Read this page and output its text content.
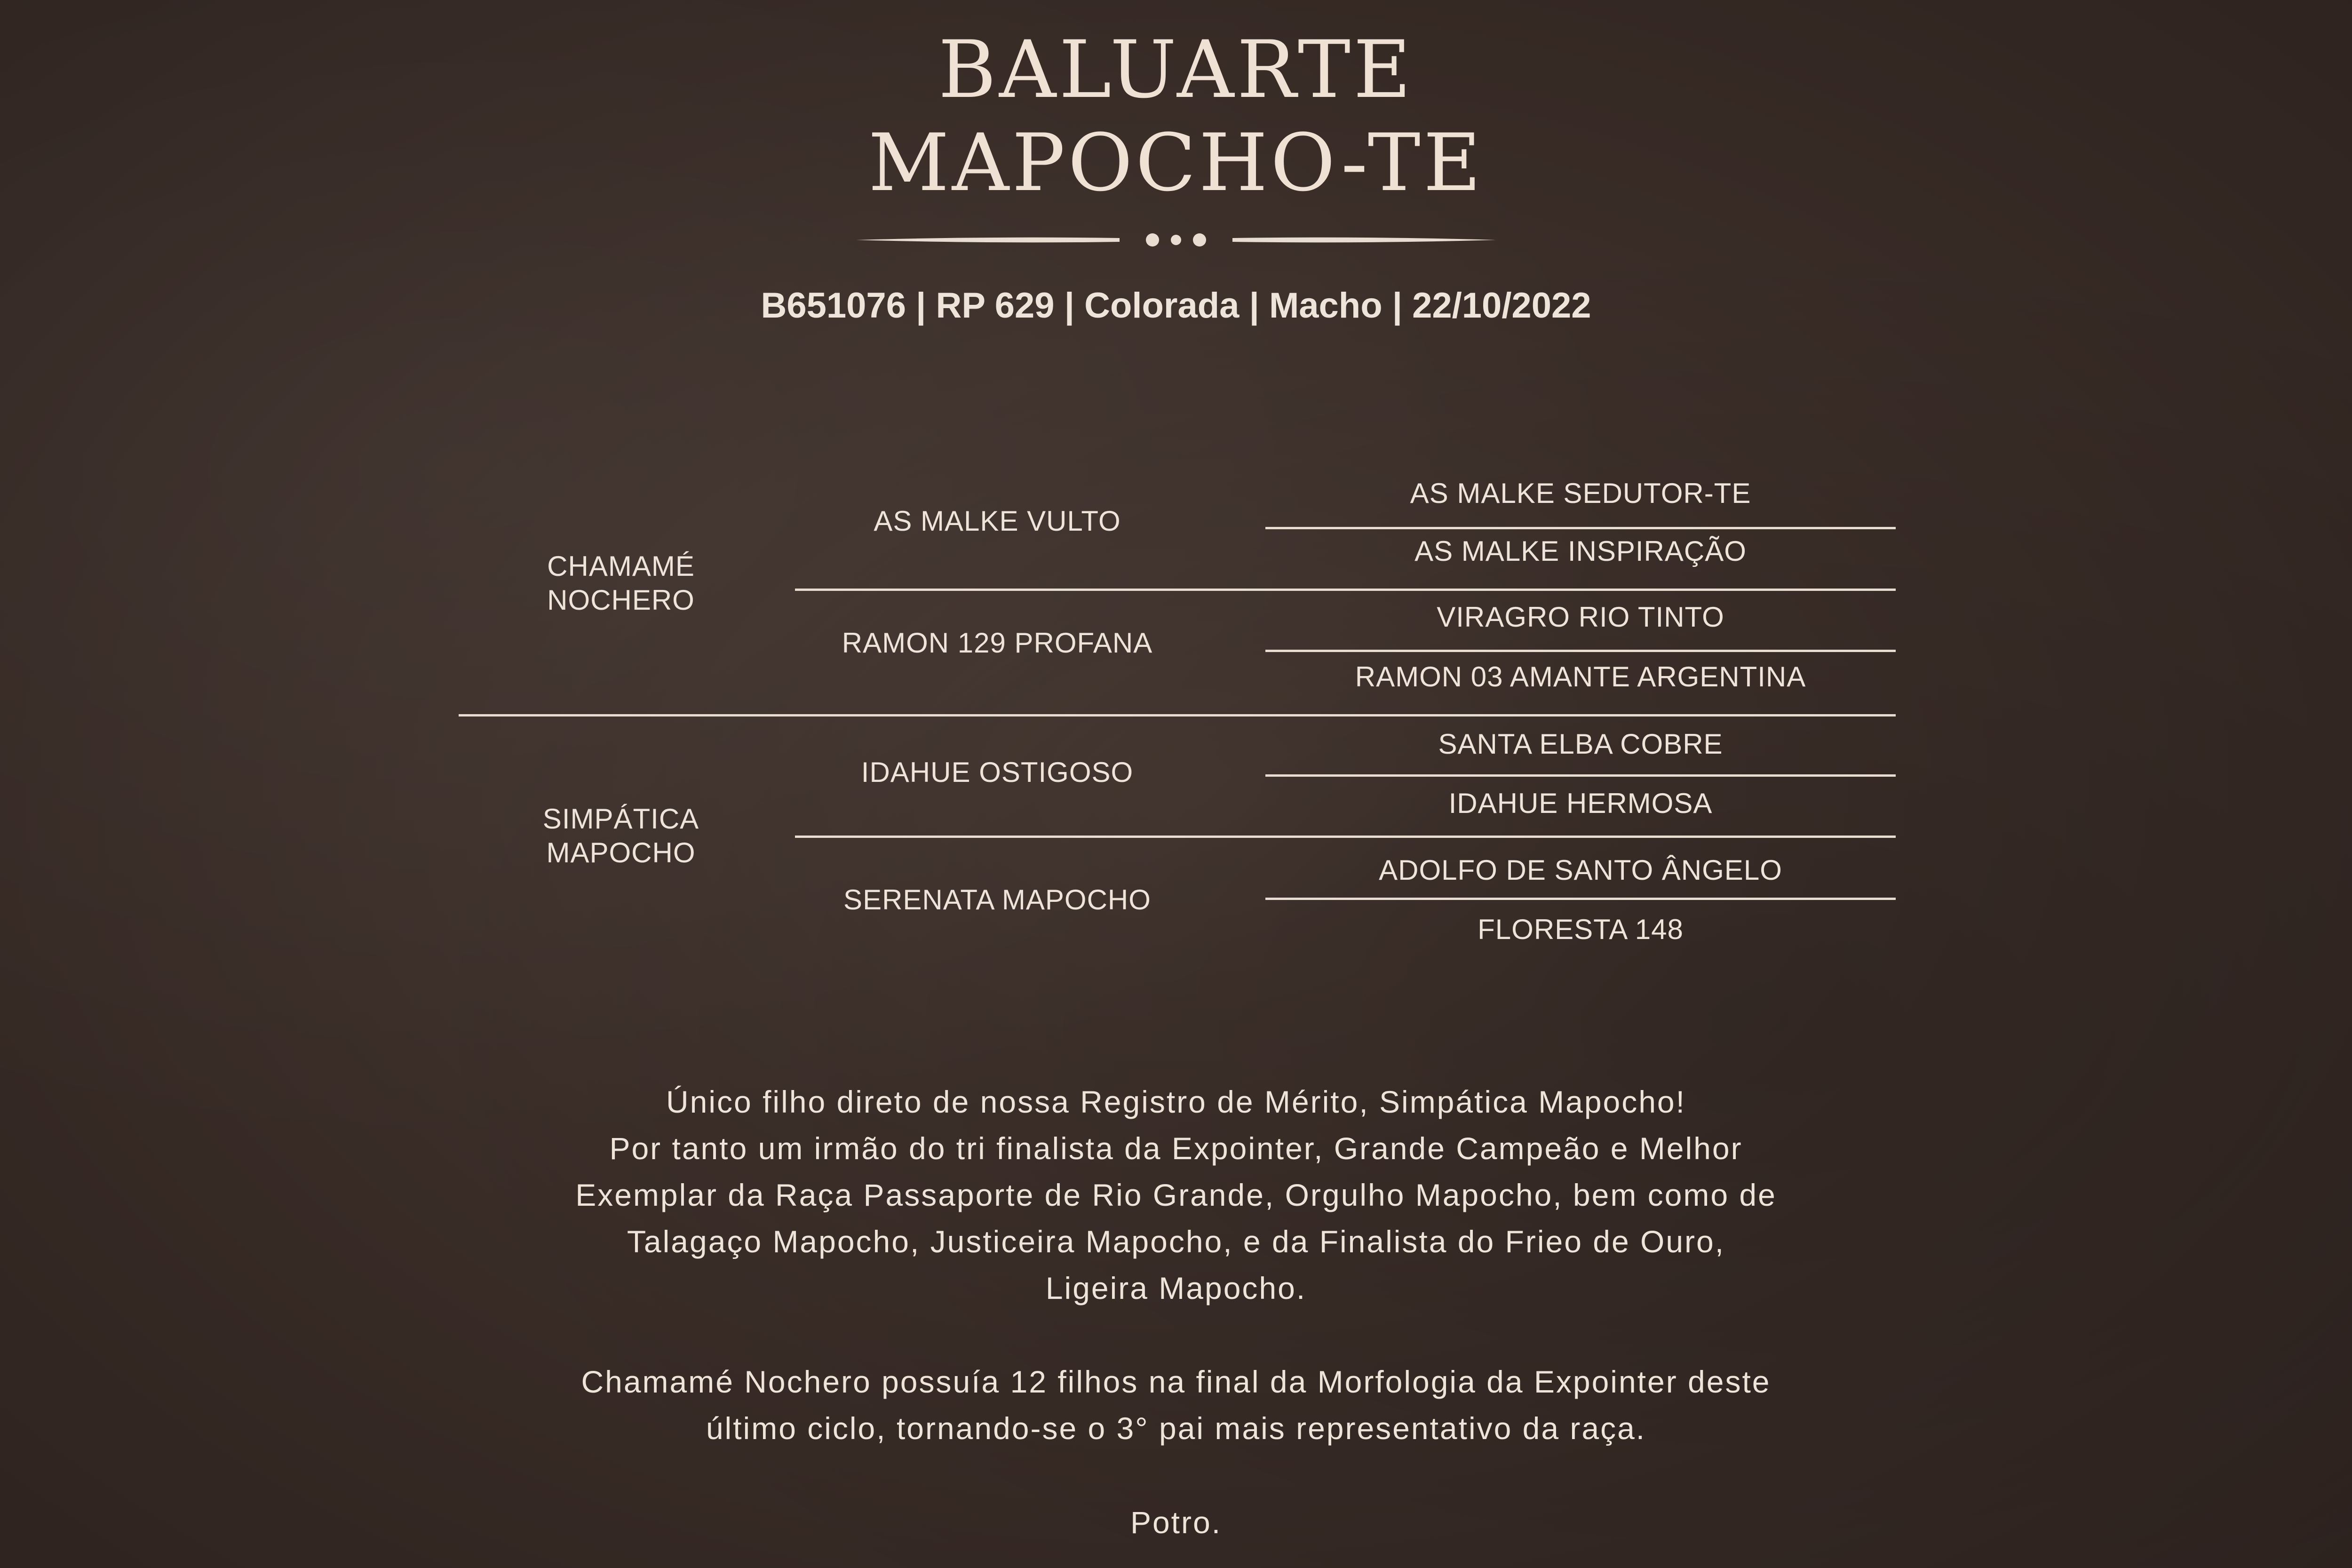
BALUARTE
MAPOCHO-TE
B651076 | RP 629 | Colorada | Macho | 22/10/2022
CHAMAMÉ
NOCHERO
SIMPÁTICA
MAPOCHO
AS MALKE VULTO
RAMON 129 PROFANA
IDAHUE OSTIGOSO
SERENATA MAPOCHO
AS MALKE SEDUTOR-TE
AS MALKE INSPIRAÇÃO
VIRAGRO RIO TINTO
RAMON 03 AMANTE ARGENTINA
SANTA ELBA COBRE
IDAHUE HERMOSA
ADOLFO DE SANTO ÂNGELO
FLORESTA 148
Único filho direto de nossa Registro de Mérito, Simpática Mapocho!
Por tanto um irmão do tri finalista da Expointer, Grande Campeão e Melhor
Exemplar da Raça Passaporte de Rio Grande, Orgulho Mapocho, bem como de
Talagaço Mapocho, Justiceira Mapocho, e da Finalista do Frieo de Ouro,
Ligeira Mapocho.
Chamamé Nochero possuía 12 filhos na final da Morfologia da Expointer deste
último ciclo, tornando-se o 3° pai mais representativo da raça.
Potro.
